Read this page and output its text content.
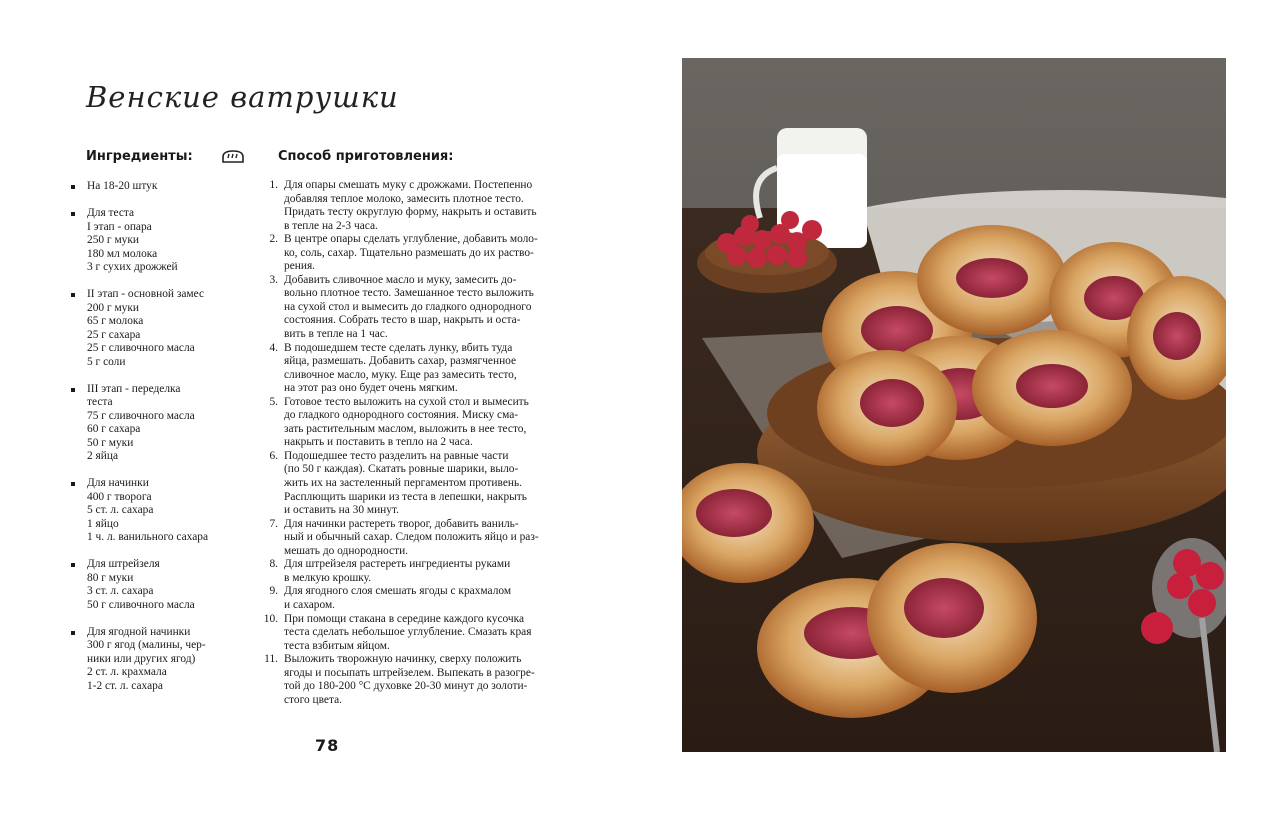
Венские ватрушки
Ингредиенты:	Способ приготовления:
На 18-20 штук
Для теста
I этап - опара
250 г муки
180 мл молока
3 г сухих дрожжей
II этап - основной замес
200 г муки
65 г молока
25 г сахара
25 г сливочного масла
5 г соли
III этап - переделка
теста
75 г сливочного масла
60 г сахара
50 г муки
2 яйца
Для начинки
400 г творога
5 ст. л. сахара
1 яйцо
1 ч. л. ванильного сахара
Для штрейзеля
80 г муки
3 ст. л. сахара
50 г сливочного масла
Для ягодной начинки
300 г ягод (малины, чер-
ники или других ягод)
2 ст. л. крахмала
1-2 ст. л. сахара
1. Для опары смешать муку с дрожжами. Постепенно
добавляя теплое молоко, замесить плотное тесто.
Придать тесту округлую форму, накрыть и оставить
в тепле на 2-3 часа.
2. В центре опары сделать углубление, добавить моло-
ко, соль, сахар. Тщательно размешать до их раство-
рения.
3. Добавить сливочное масло и муку, замесить до-
вольно плотное тесто. Замешанное тесто выложить
на сухой стол и вымесить до гладкого однородного
состояния. Собрать тесто в шар, накрыть и оста-
вить в тепле на 1 час.
4. В подошедшем тесте сделать лунку, вбить туда
яйца, размешать. Добавить сахар, размягченное
сливочное масло, муку. Еще раз замесить тесто,
на этот раз оно будет очень мягким.
5. Готовое тесто выложить на сухой стол и вымесить
до гладкого однородного состояния. Миску сма-
зать растительным маслом, выложить в нее тесто,
накрыть и поставить в тепло на 2 часа.
6. Подошедшее тесто разделить на равные части
(по 50 г каждая). Скатать ровные шарики, выло-
жить их на застеленный пергаментом противень.
Расплющить шарики из теста в лепешки, накрыть
и оставить на 30 минут.
7. Для начинки растереть творог, добавить ваниль-
ный и обычный сахар. Следом положить яйцо и раз-
мешать до однородности.
8. Для штрейзеля растереть ингредиенты руками
в мелкую крошку.
9. Для ягодного слоя смешать ягоды с крахмалом
и сахаром.
10. При помощи стакана в середине каждого кусочка
теста сделать небольшое углубление. Смазать края
теста взбитым яйцом.
11. Выложить творожную начинку, сверху положить
ягоды и посыпать штрейзелем. Выпекать в разогре-
той до 180-200 °С духовке 20-30 минут до золоти-
стого цвета.
78
